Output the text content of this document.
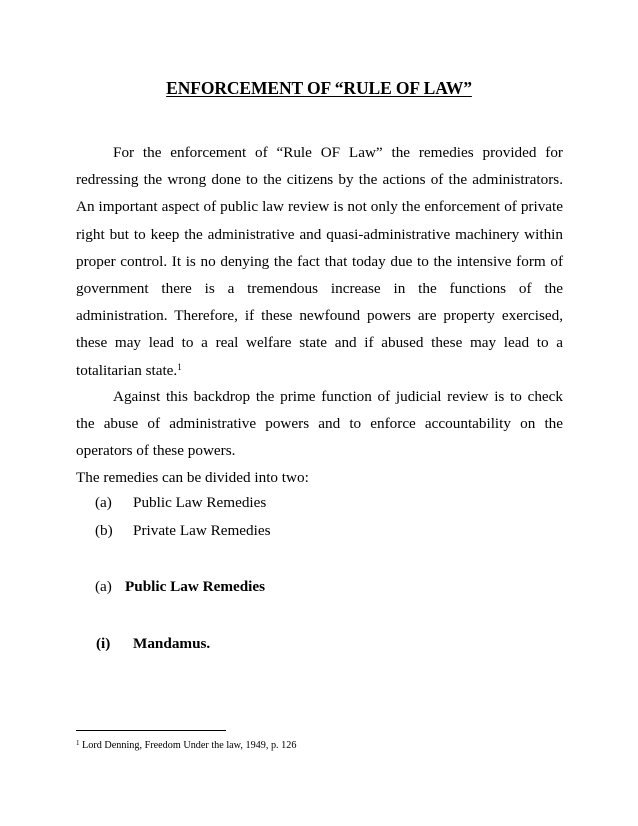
ENFORCEMENT OF “RULE OF LAW”
For the enforcement of “Rule OF Law” the remedies provided for redressing the wrong done to the citizens by the actions of the administrators. An important aspect of public law review is not only the enforcement of private right but to keep the administrative and quasi-administrative machinery within proper control. It is no denying the fact that today due to the intensive form of government there is a tremendous increase in the functions of the administration. Therefore, if these newfound powers are property exercised, these may lead to a real welfare state and if abused these may lead to a totalitarian state.$^1$
Against this backdrop the prime function of judicial review is to check the abuse of administrative powers and to enforce accountability on the operators of these powers.
The remedies can be divided into two:
(a) Public Law Remedies
(b) Private Law Remedies
(a) Public Law Remedies
(i) Mandamus.
$^1$ Lord Denning, Freedom Under the law, 1949, p. 126
